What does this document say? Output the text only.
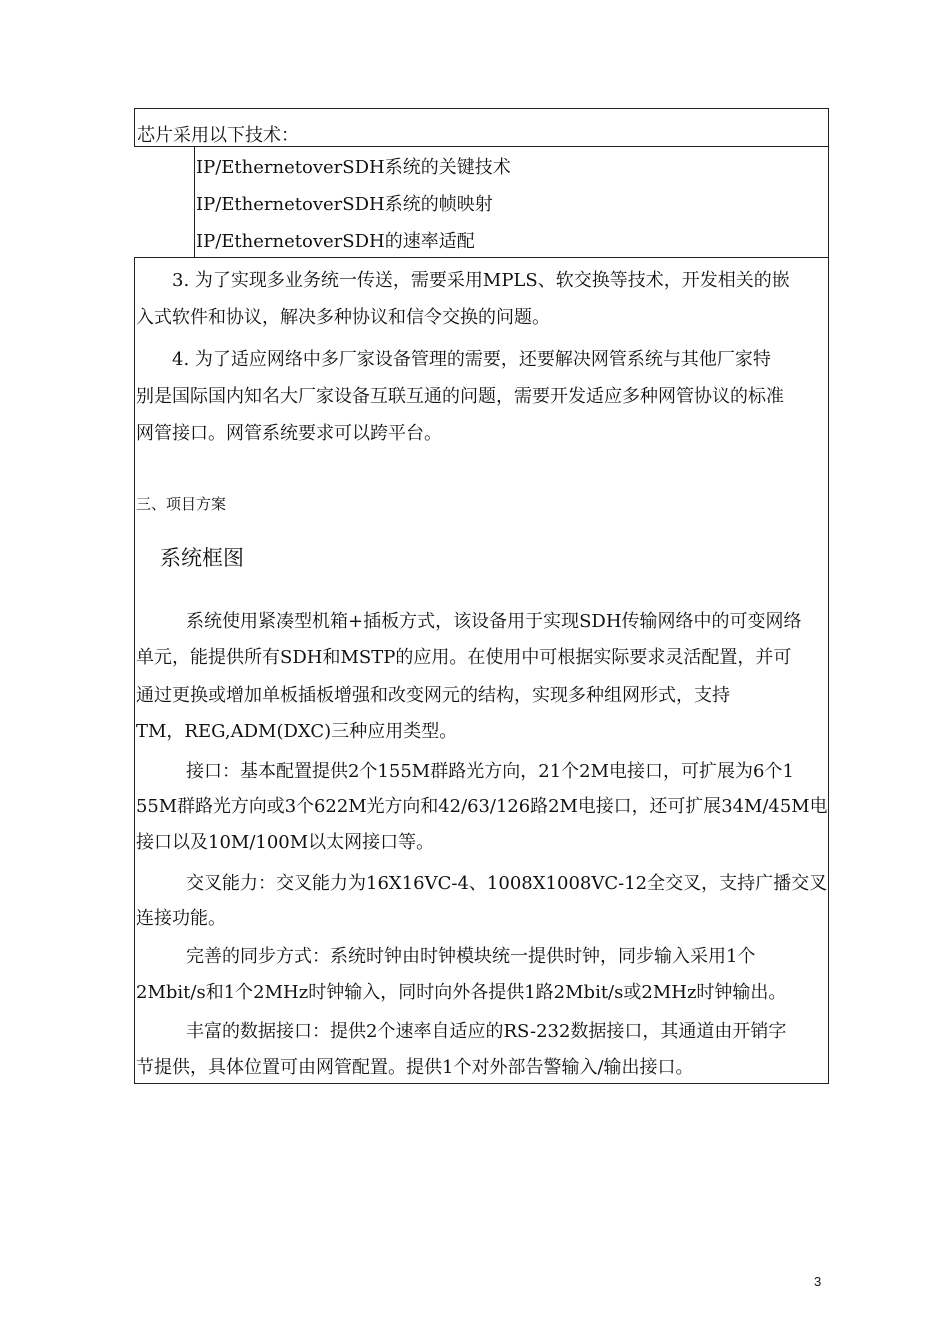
芯片采用以下技术：
IP/EthernetoverSDH系统的关键技术
IP/EthernetoverSDH系统的帧映射
IP/EthernetoverSDH的速率适配
3. 为了实现多业务统一传送，需要采用MPLS、软交换等技术，开发相关的嵌
入式软件和协议，解决多种协议和信令交换的问题。
4. 为了适应网络中多厂家设备管理的需要，还要解决网管系统与其他厂家特
别是国际国内知名大厂家设备互联互通的问题，需要开发适应多种网管协议的标准
网管接口。网管系统要求可以跨平台。
三、项目方案
系统框图
系统使用紧凑型机箱+插板方式，该设备用于实现SDH传输网络中的可变网络
单元，能提供所有SDH和MSTP的应用。在使用中可根据实际要求灵活配置，并可
通过更换或增加单板插板增强和改变网元的结构，实现多种组网形式，支持
TM，REG,ADM(DXC)三种应用类型。
接口：基本配置提供2个155M群路光方向，21个2M电接口，可扩展为6个1
55M群路光方向或3个622M光方向和42/63/126路2M电接口，还可扩展34M/45M电
接口以及10M/100M以太网接口等。
交叉能力：交叉能力为16X16VC-4、1008X1008VC-12全交叉，支持广播交叉
连接功能。
完善的同步方式：系统时钟由时钟模块统一提供时钟，同步输入采用1个
2Mbit/s和1个2MHz时钟输入，同时向外各提供1路2Mbit/s或2MHz时钟输出。
丰富的数据接口：提供2个速率自适应的RS-232数据接口，其通道由开销字
节提供，具体位置可由网管配置。提供1个对外部告警输入/输出接口。
3
